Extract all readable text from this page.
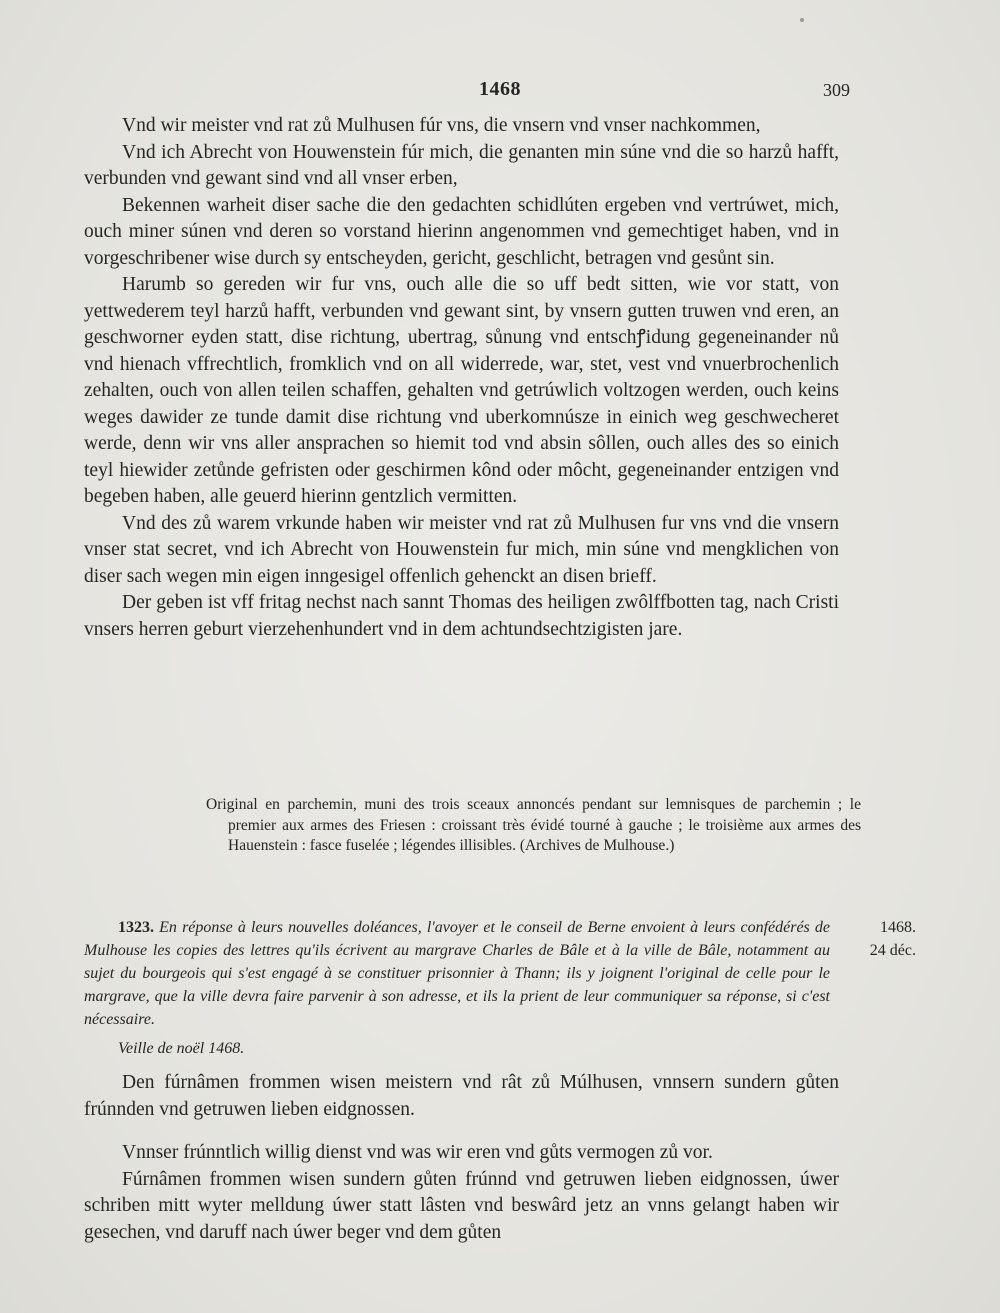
1468	309

Vnd wir meister vnd rat zů Mulhusen fúr vns, die vnsern vnd vnser nachkommen,

Vnd ich Abrecht von Houwenstein fúr mich, die genanten min súne vnd die so harzů hafft, verbunden vnd gewant sind vnd all vnser erben,

Bekennen warheit diser sache die den gedachten schidlúten ergeben vnd vertrúwet, mich, ouch miner súnen vnd deren so vorstand hierinn angenommen vnd gemechtiget haben, vnd in vorgeschribener wise durch sy entscheyden, gericht, geschlicht, betragen vnd gesůnt sin.

Harumb so gereden wir fur vns, ouch alle die so uff bedt sitten, wie vor statt, von yettwederem teyl harzů hafft, verbunden vnd gewant sint, by vnsern gutten truwen vnd eren, an geschworner eyden statt, dise richtung, ubertrag, sůnung vnd entschꝭidung gegeneinander nů vnd hienach vffrechtlich, fromklich vnd on all widerrede, war, stet, vest vnd vnuerbrochenlich zehalten, ouch von allen teilen schaffen, gehalten vnd getrúwlich voltzogen werden, ouch keins weges dawider ze tunde damit dise richtung vnd uberkomnúsze in einich weg geschwecheret werde, denn wir vns aller ansprachen so hiemit tod vnd absin sôllen, ouch alles des so einich teyl hiewider zetůnde gefristen oder geschirmen kônd oder môcht, gegeneinander entzigen vnd begeben haben, alle geuerd hierinn gentzlich vermitten.

Vnd des zů warem vrkunde haben wir meister vnd rat zů Mulhusen fur vns vnd die vnsern vnser stat secret, vnd ich Abrecht von Houwenstein fur mich, min súne vnd mengklichen von diser sach wegen min eigen inngesigel offenlich gehenckt an disen brieff.

Der geben ist vff fritag nechst nach sannt Thomas des heiligen zwôlffbotten tag, nach Cristi vnsers herren geburt vierzehenhundert vnd in dem achtundsechtzigisten jare.

Original en parchemin, muni des trois sceaux annoncés pendant sur lemnisques de parchemin ; le premier aux armes des Friesen : croissant très évidé tourné à gauche ; le troisième aux armes des Hauenstein : fasce fuselée ; légendes illisibles. (Archives de Mulhouse.)
1323. En réponse à leurs nouvelles doléances, l'avoyer et le conseil de Berne envoient à leurs confédérés de Mulhouse les copies des lettres qu'ils écrivent au margrave Charles de Bâle et à la ville de Bâle, notamment au sujet du bourgeois qui s'est engagé à se constituer prisonnier à Thann; ils y joignent l'original de celle pour le margrave, que la ville devra faire parvenir à son adresse, et ils la prient de leur communiquer sa réponse, si c'est nécessaire.
Veille de noël 1468.
1468.
24 déc.

Den fúrnâmen frommen wisen meistern vnd rât zů Múlhusen, vnnsern sundern gůten frúnnden vnd getruwen lieben eidgnossen.

Vnnser frúnntlich willig dienst vnd was wir eren vnd gůts vermogen zů vor.

Fúrnâmen frommen wisen sundern gůten frúnnd vnd getruwen lieben eidgnossen, úwer schriben mitt wyter melldung úwer statt lâsten vnd beswârd jetz an vnns gelangt haben wir gesechen, vnd daruff nach úwer beger vnd dem gůten
